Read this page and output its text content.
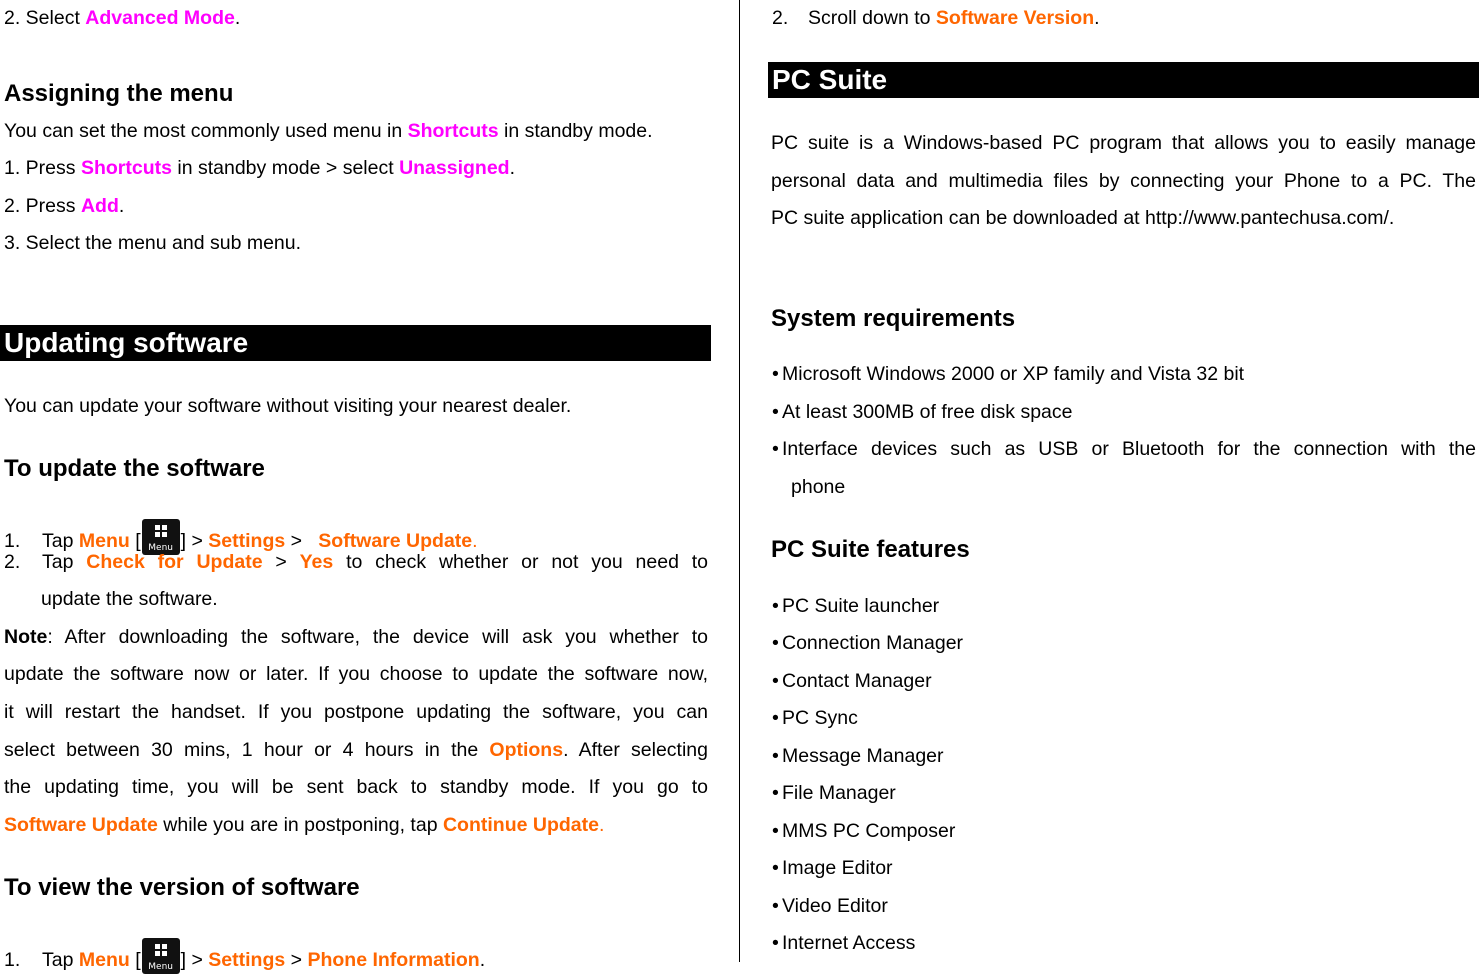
2. Select Advanced Mode.
Assigning the menu
You can set the most commonly used menu in Shortcuts in standby mode.
1. Press Shortcuts in standby mode > select Unassigned.
2. Press Add.
3. Select the menu and sub menu.
Updating software
You can update your software without visiting your nearest dealer.
To update the software
1. Tap Menu [ Menu ] > Settings >   Software Update.
2. Tap Check for Update > Yes to check whether or not you need to
update the software.
Note: After downloading the software, the device will ask you whether to
update the software now or later. If you choose to update the software now,
it will restart the handset. If you postpone updating the software, you can
select between 30 mins, 1 hour or 4 hours in the Options. After selecting
the updating time, you will be sent back to standby mode. If you go to
Software Update while you are in postponing, tap Continue Update.
To view the version of software
1. Tap Menu [ Menu ] > Settings > Phone Information.
2. Scroll down to Software Version.
PC Suite
PC suite is a Windows-based PC program that allows you to easily manage
personal data and multimedia files by connecting your Phone to a PC. The
PC suite application can be downloaded at http://www.pantechusa.com/.
System requirements
• Microsoft Windows 2000 or XP family and Vista 32 bit
• At least 300MB of free disk space
• Interface devices such as USB or Bluetooth for the connection with the
phone
PC Suite features
• PC Suite launcher
• Connection Manager
• Contact Manager
• PC Sync
• Message Manager
• File Manager
• MMS PC Composer
• Image Editor
• Video Editor
• Internet Access
